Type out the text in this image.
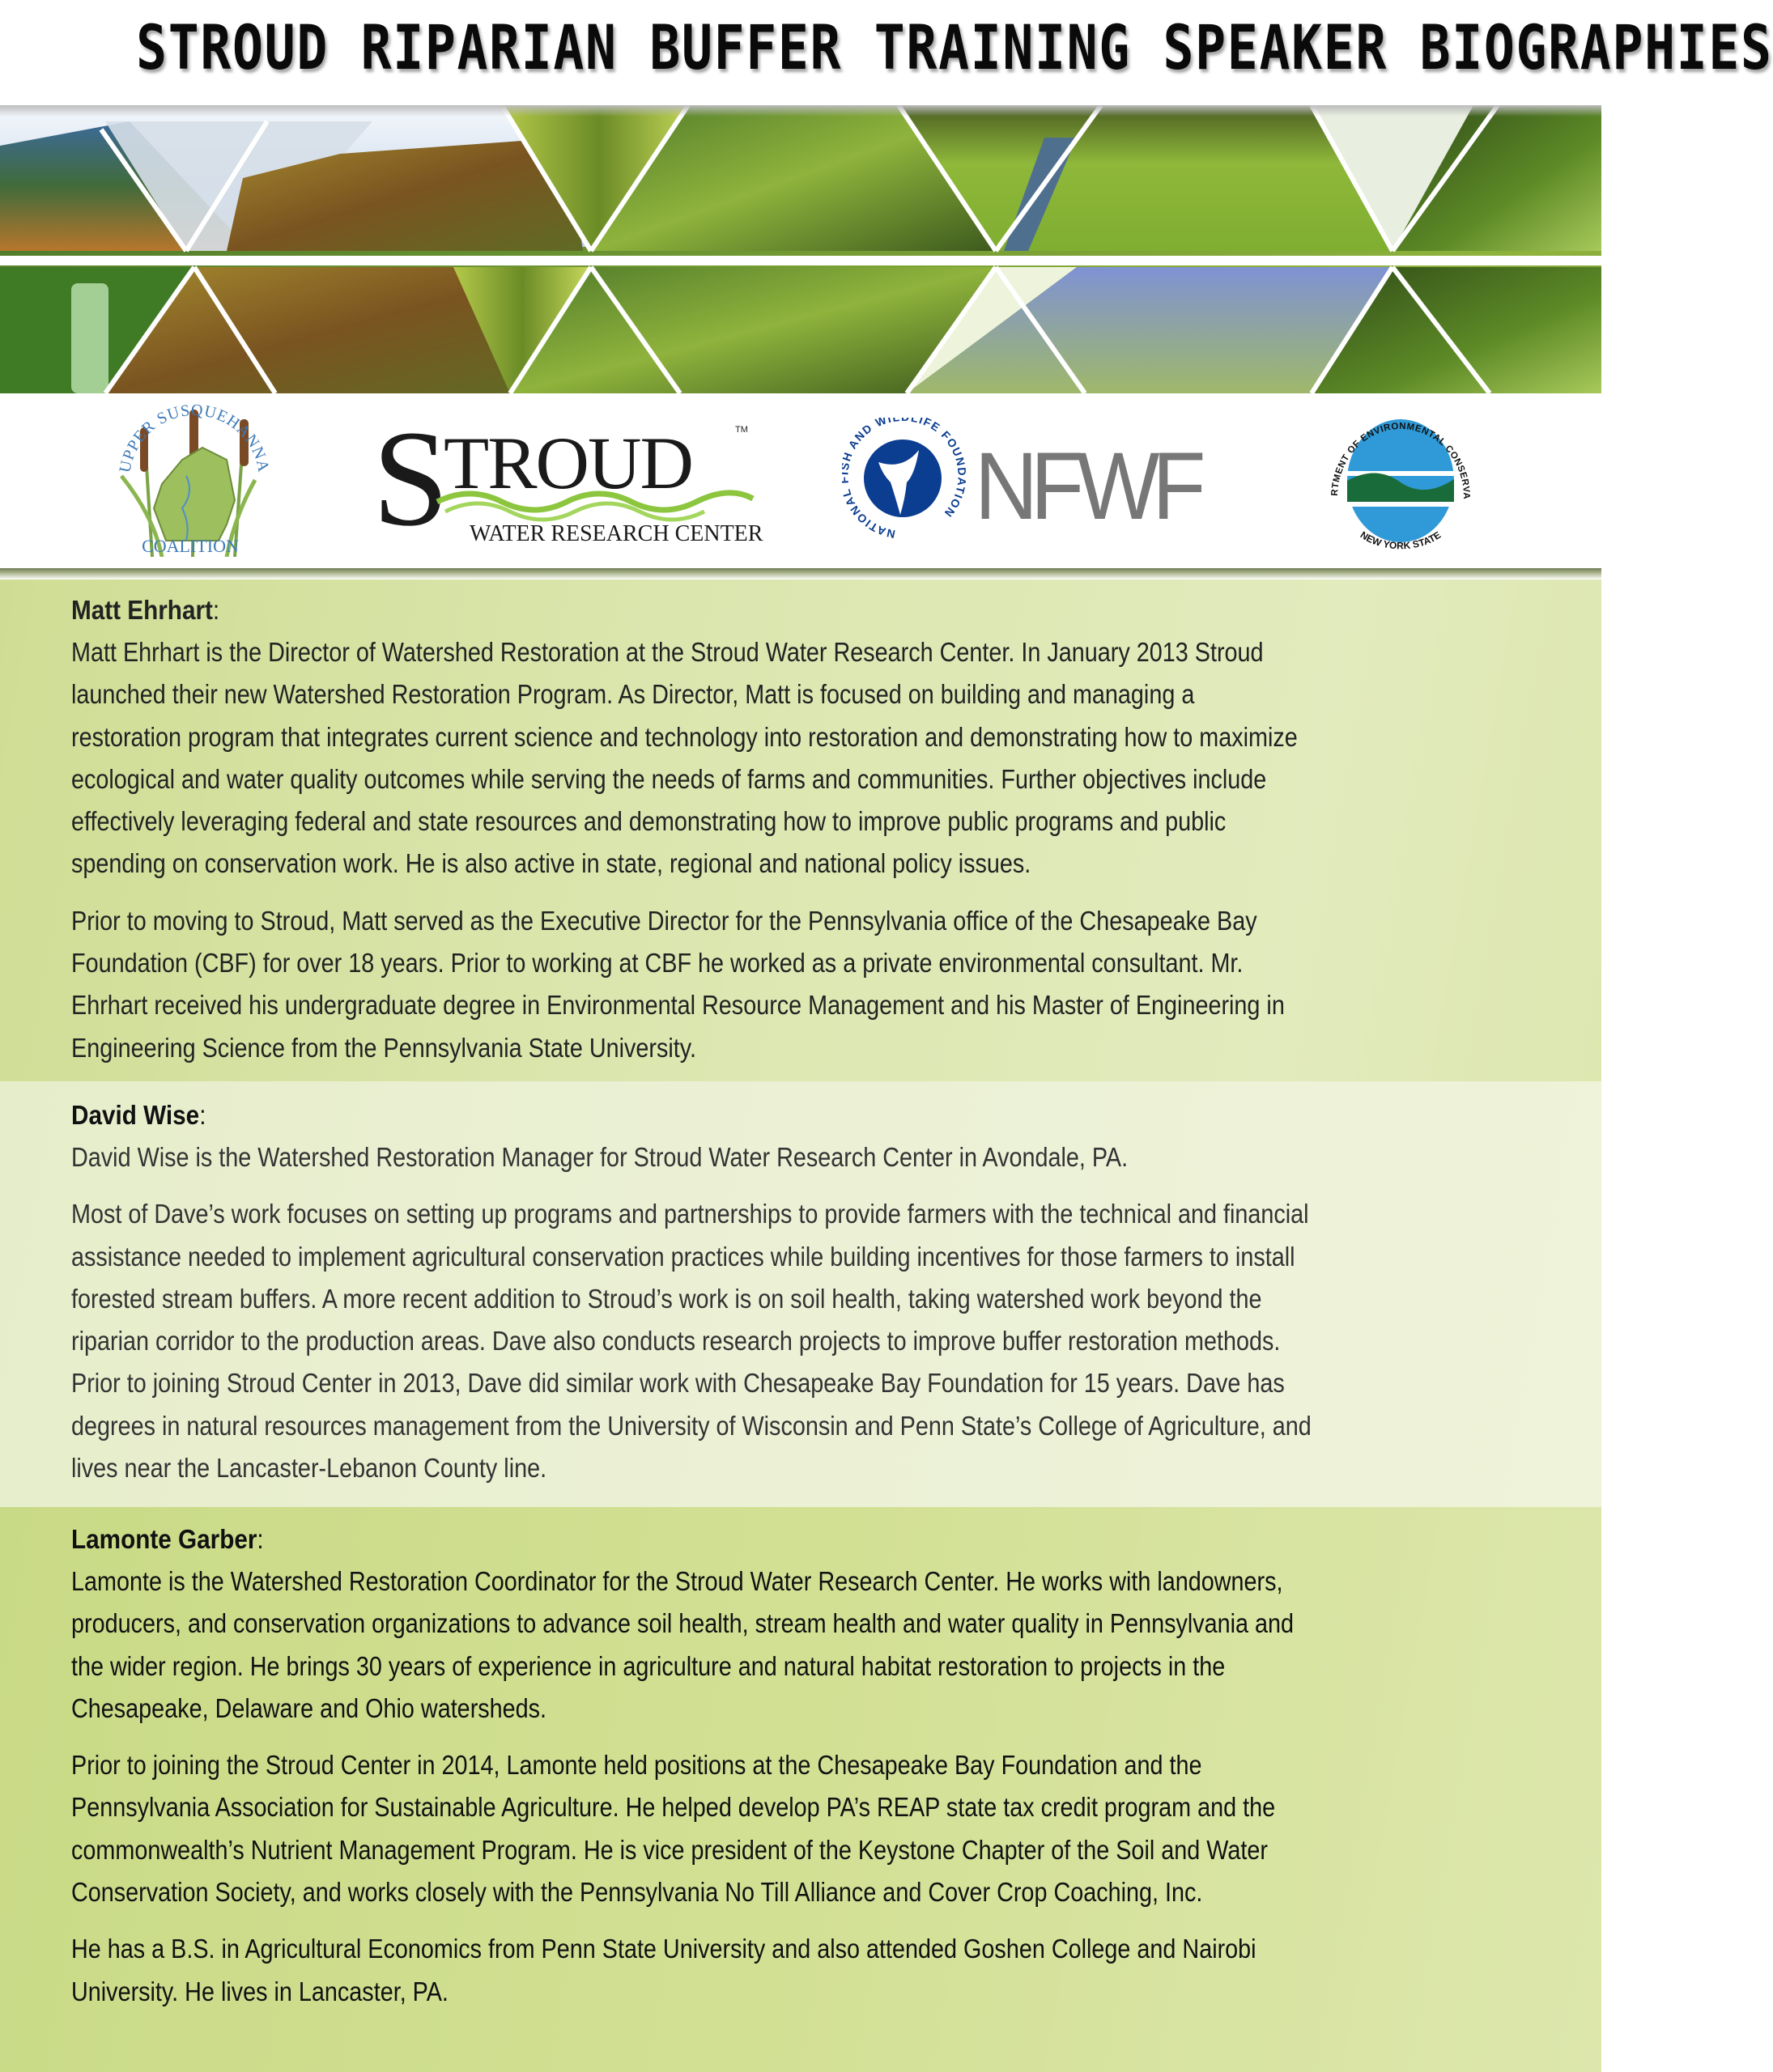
STROUD RIPARIAN BUFFER TRAINING SPEAKER BIOGRAPHIES
UPPER SUSQUEHANNA
COALITION S
TROUD	TM
WATER RESEARCH CENTER	NATIONA AND WI LIFE FOUNDATION NFWF	RTMENT OF ENVIRONMENTAL CONSERVA
NEW YORK STATE

Matt Ehrhart:

Matt Ehrhart is the Director of Watershed Restoration at the Stroud Water Research Center. In January 2013 Stroud
launched their new Watershed Restoration Program. As Director, Matt is focused on building and managing a
restoration program that integrates current science and technology into restoration and demonstrating how to maximize
ecological and water quality outcomes while serving the needs of farms and communities. Further objectives include
effectively leveraging federal and state resources and demonstrating how to improve public programs and public
spending on conservation work. He is also active in state, regional and national policy issues.

Prior to moving to Stroud, Matt served as the Executive Director for the Pennsylvania office of the Chesapeake Bay
Foundation (CBF) for over 18 years. Prior to working at CBF he worked as a private environmental consultant. Mr.
Ehrhart received his undergraduate degree in Environmental Resource Management and his Master of Engineering in
Engineering Science from the Pennsylvania State University.

David Wise:

David Wise is the Watershed Restoration Manager for Stroud Water Research Center in Avondale, PA.

Most of Dave’s work focuses on setting up programs and partnerships to provide farmers with the technical and financial
assistance needed to implement agricultural conservation practices while building incentives for those farmers to install
forested stream buffers. A more recent addition to Stroud’s work is on soil health, taking watershed work beyond the
riparian corridor to the production areas. Dave also conducts research projects to improve buffer restoration methods.
Prior to joining Stroud Center in 2013, Dave did similar work with Chesapeake Bay Foundation for 15 years. Dave has
degrees in natural resources management from the University of Wisconsin and Penn State’s College of Agriculture, and
lives near the Lancaster-Lebanon County line.

Lamonte Garber:

Lamonte is the Watershed Restoration Coordinator for the Stroud Water Research Center. He works with landowners,
producers, and conservation organizations to advance soil health, stream health and water quality in Pennsylvania and
the wider region. He brings 30 years of experience in agriculture and natural habitat restoration to projects in the
Chesapeake, Delaware and Ohio watersheds.

Prior to joining the Stroud Center in 2014, Lamonte held positions at the Chesapeake Bay Foundation and the
Pennsylvania Association for Sustainable Agriculture. He helped develop PA’s REAP state tax credit program and the
commonwealth’s Nutrient Management Program. He is vice president of the Keystone Chapter of the Soil and Water
Conservation Society, and works closely with the Pennsylvania No Till Alliance and Cover Crop Coaching, Inc.

He has a B.S. in Agricultural Economics from Penn State University and also attended Goshen College and Nairobi
University. He lives in Lancaster, PA.
